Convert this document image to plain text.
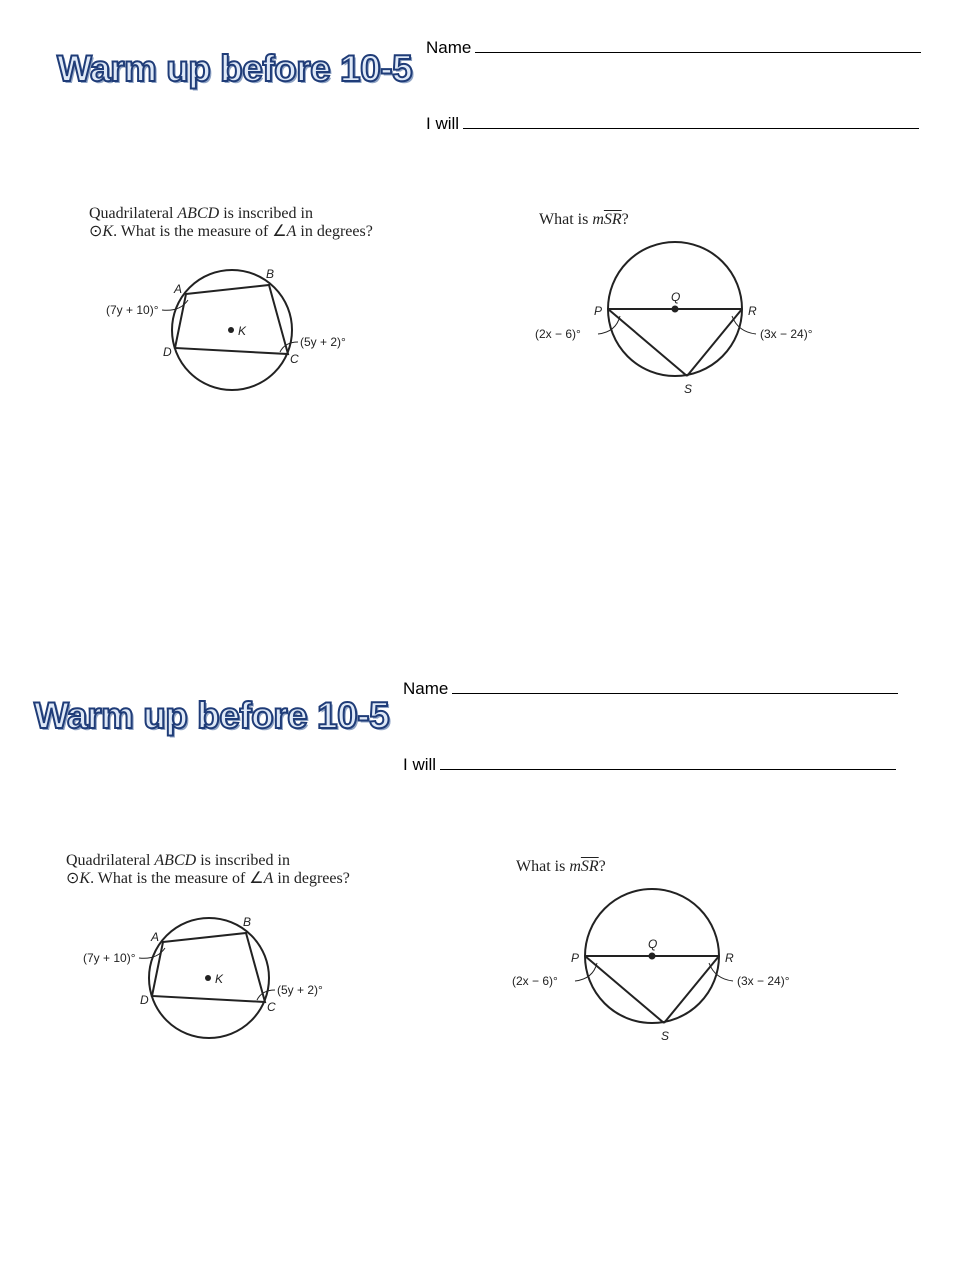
Warm up before 10-5
Name
I will
Quadrilateral ABCD is inscribed in
⊙K. What is the measure of ∠A in degrees?
A
B
C
D
K
(7y + 10)°
(5y + 2)°
What is $m\overline{SR}$?
P
Q
R
S
(2x − 6)°	(3x − 24)°
Warm up before 10-5
Name
I will
Quadrilateral ABCD is inscribed in
⊙K. What is the measure of ∠A in degrees?
A
B
C
D
K
(7y + 10)°
(5y + 2)°
What is $m\overline{SR}$?
P
Q
R
S
(2x − 6)°	(3x − 24)°
